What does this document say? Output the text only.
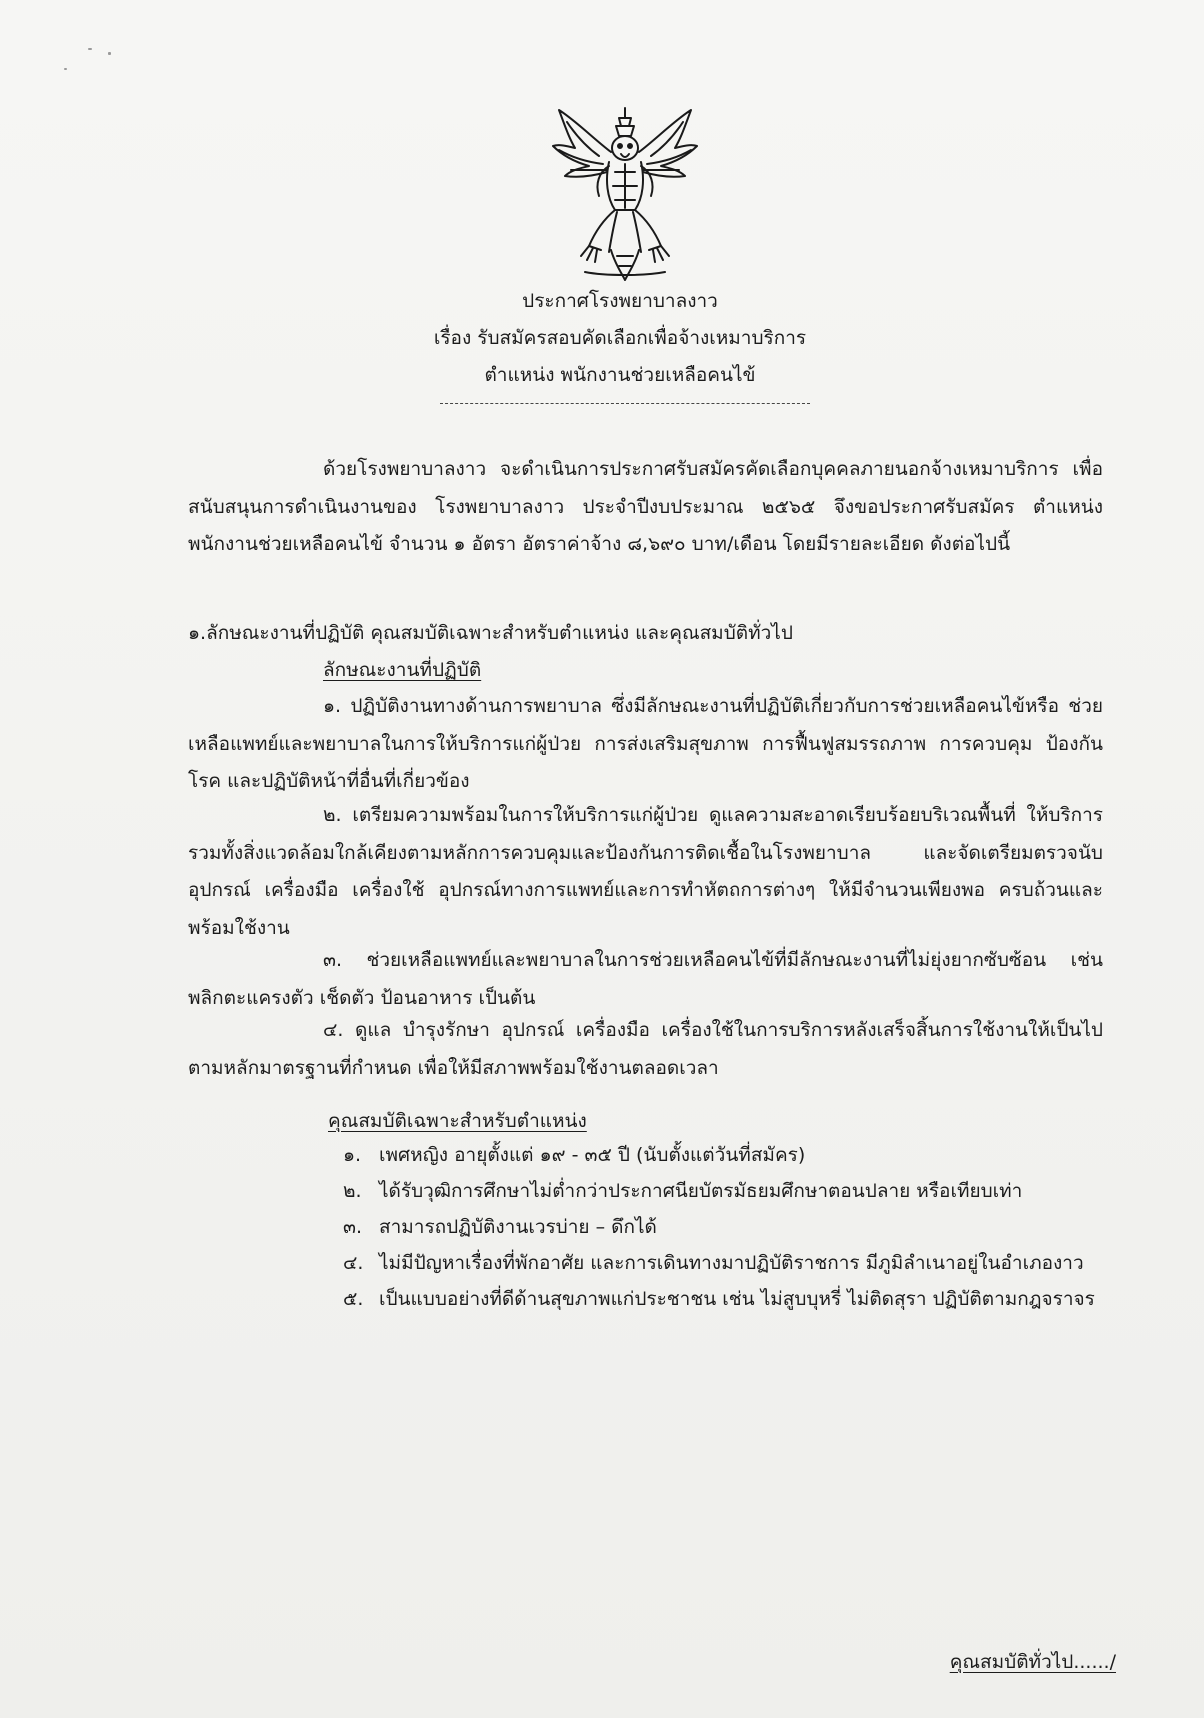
ประกาศโรงพยาบาลงาว

เรื่อง รับสมัครสอบคัดเลือกเพื่อจ้างเหมาบริการ

ตำแหน่ง พนักงานช่วยเหลือคนไข้

ด้วยโรงพยาบาลงาว จะดำเนินการประกาศรับสมัครคัดเลือกบุคคลภายนอกจ้างเหมาบริการ เพื่อสนับสนุนการดำเนินงานของ โรงพยาบาลงาว ประจำปีงบประมาณ ๒๕๖๕ จึงขอประกาศรับสมัคร ตำแหน่ง พนักงานช่วยเหลือคนไข้ จำนวน ๑ อัตรา อัตราค่าจ้าง ๘,๖๙๐ บาท/เดือน โดยมีรายละเอียด ดังต่อไปนี้

๑.ลักษณะงานที่ปฏิบัติ คุณสมบัติเฉพาะสำหรับตำแหน่ง และคุณสมบัติทั่วไป

ลักษณะงานที่ปฏิบัติ

๑. ปฏิบัติงานทางด้านการพยาบาล ซึ่งมีลักษณะงานที่ปฏิบัติเกี่ยวกับการช่วยเหลือคนไข้หรือ ช่วยเหลือแพทย์และพยาบาลในการให้บริการแก่ผู้ป่วย การส่งเสริมสุขภาพ การฟื้นฟูสมรรถภาพ การควบคุม ป้องกันโรค และปฏิบัติหน้าที่อื่นที่เกี่ยวข้อง

๒. เตรียมความพร้อมในการให้บริการแก่ผู้ป่วย ดูแลความสะอาดเรียบร้อยบริเวณพื้นที่ ให้บริการ รวมทั้งสิ่งแวดล้อมใกล้เคียงตามหลักการควบคุมและป้องกันการติดเชื้อในโรงพยาบาล และจัดเตรียมตรวจนับ อุปกรณ์ เครื่องมือ เครื่องใช้ อุปกรณ์ทางการแพทย์และการทำหัตถการต่างๆ ให้มีจำนวนเพียงพอ ครบถ้วนและ พร้อมใช้งาน

๓. ช่วยเหลือแพทย์และพยาบาลในการช่วยเหลือคนไข้ที่มีลักษณะงานที่ไม่ยุ่งยากซับซ้อน เช่น พลิกตะแครงตัว เช็ดตัว ป้อนอาหาร เป็นต้น

๔. ดูแล บำรุงรักษา อุปกรณ์ เครื่องมือ เครื่องใช้ในการบริการหลังเสร็จสิ้นการใช้งานให้เป็นไป ตามหลักมาตรฐานที่กำหนด เพื่อให้มีสภาพพร้อมใช้งานตลอดเวลา

คุณสมบัติเฉพาะสำหรับตำแหน่ง

๑. เพศหญิง อายุตั้งแต่ ๑๙ - ๓๕ ปี (นับตั้งแต่วันที่สมัคร)

๒. ได้รับวุฒิการศึกษาไม่ต่ำกว่าประกาศนียบัตรมัธยมศึกษาตอนปลาย หรือเทียบเท่า

๓. สามารถปฏิบัติงานเวรบ่าย – ดึกได้

๔. ไม่มีปัญหาเรื่องที่พักอาศัย และการเดินทางมาปฏิบัติราชการ มีภูมิลำเนาอยู่ในอำเภองาว

๕. เป็นแบบอย่างที่ดีด้านสุขภาพแก่ประชาชน เช่น ไม่สูบบุหรี่ ไม่ติดสุรา ปฏิบัติตามกฎจราจร

คุณสมบัติทั่วไป....../
